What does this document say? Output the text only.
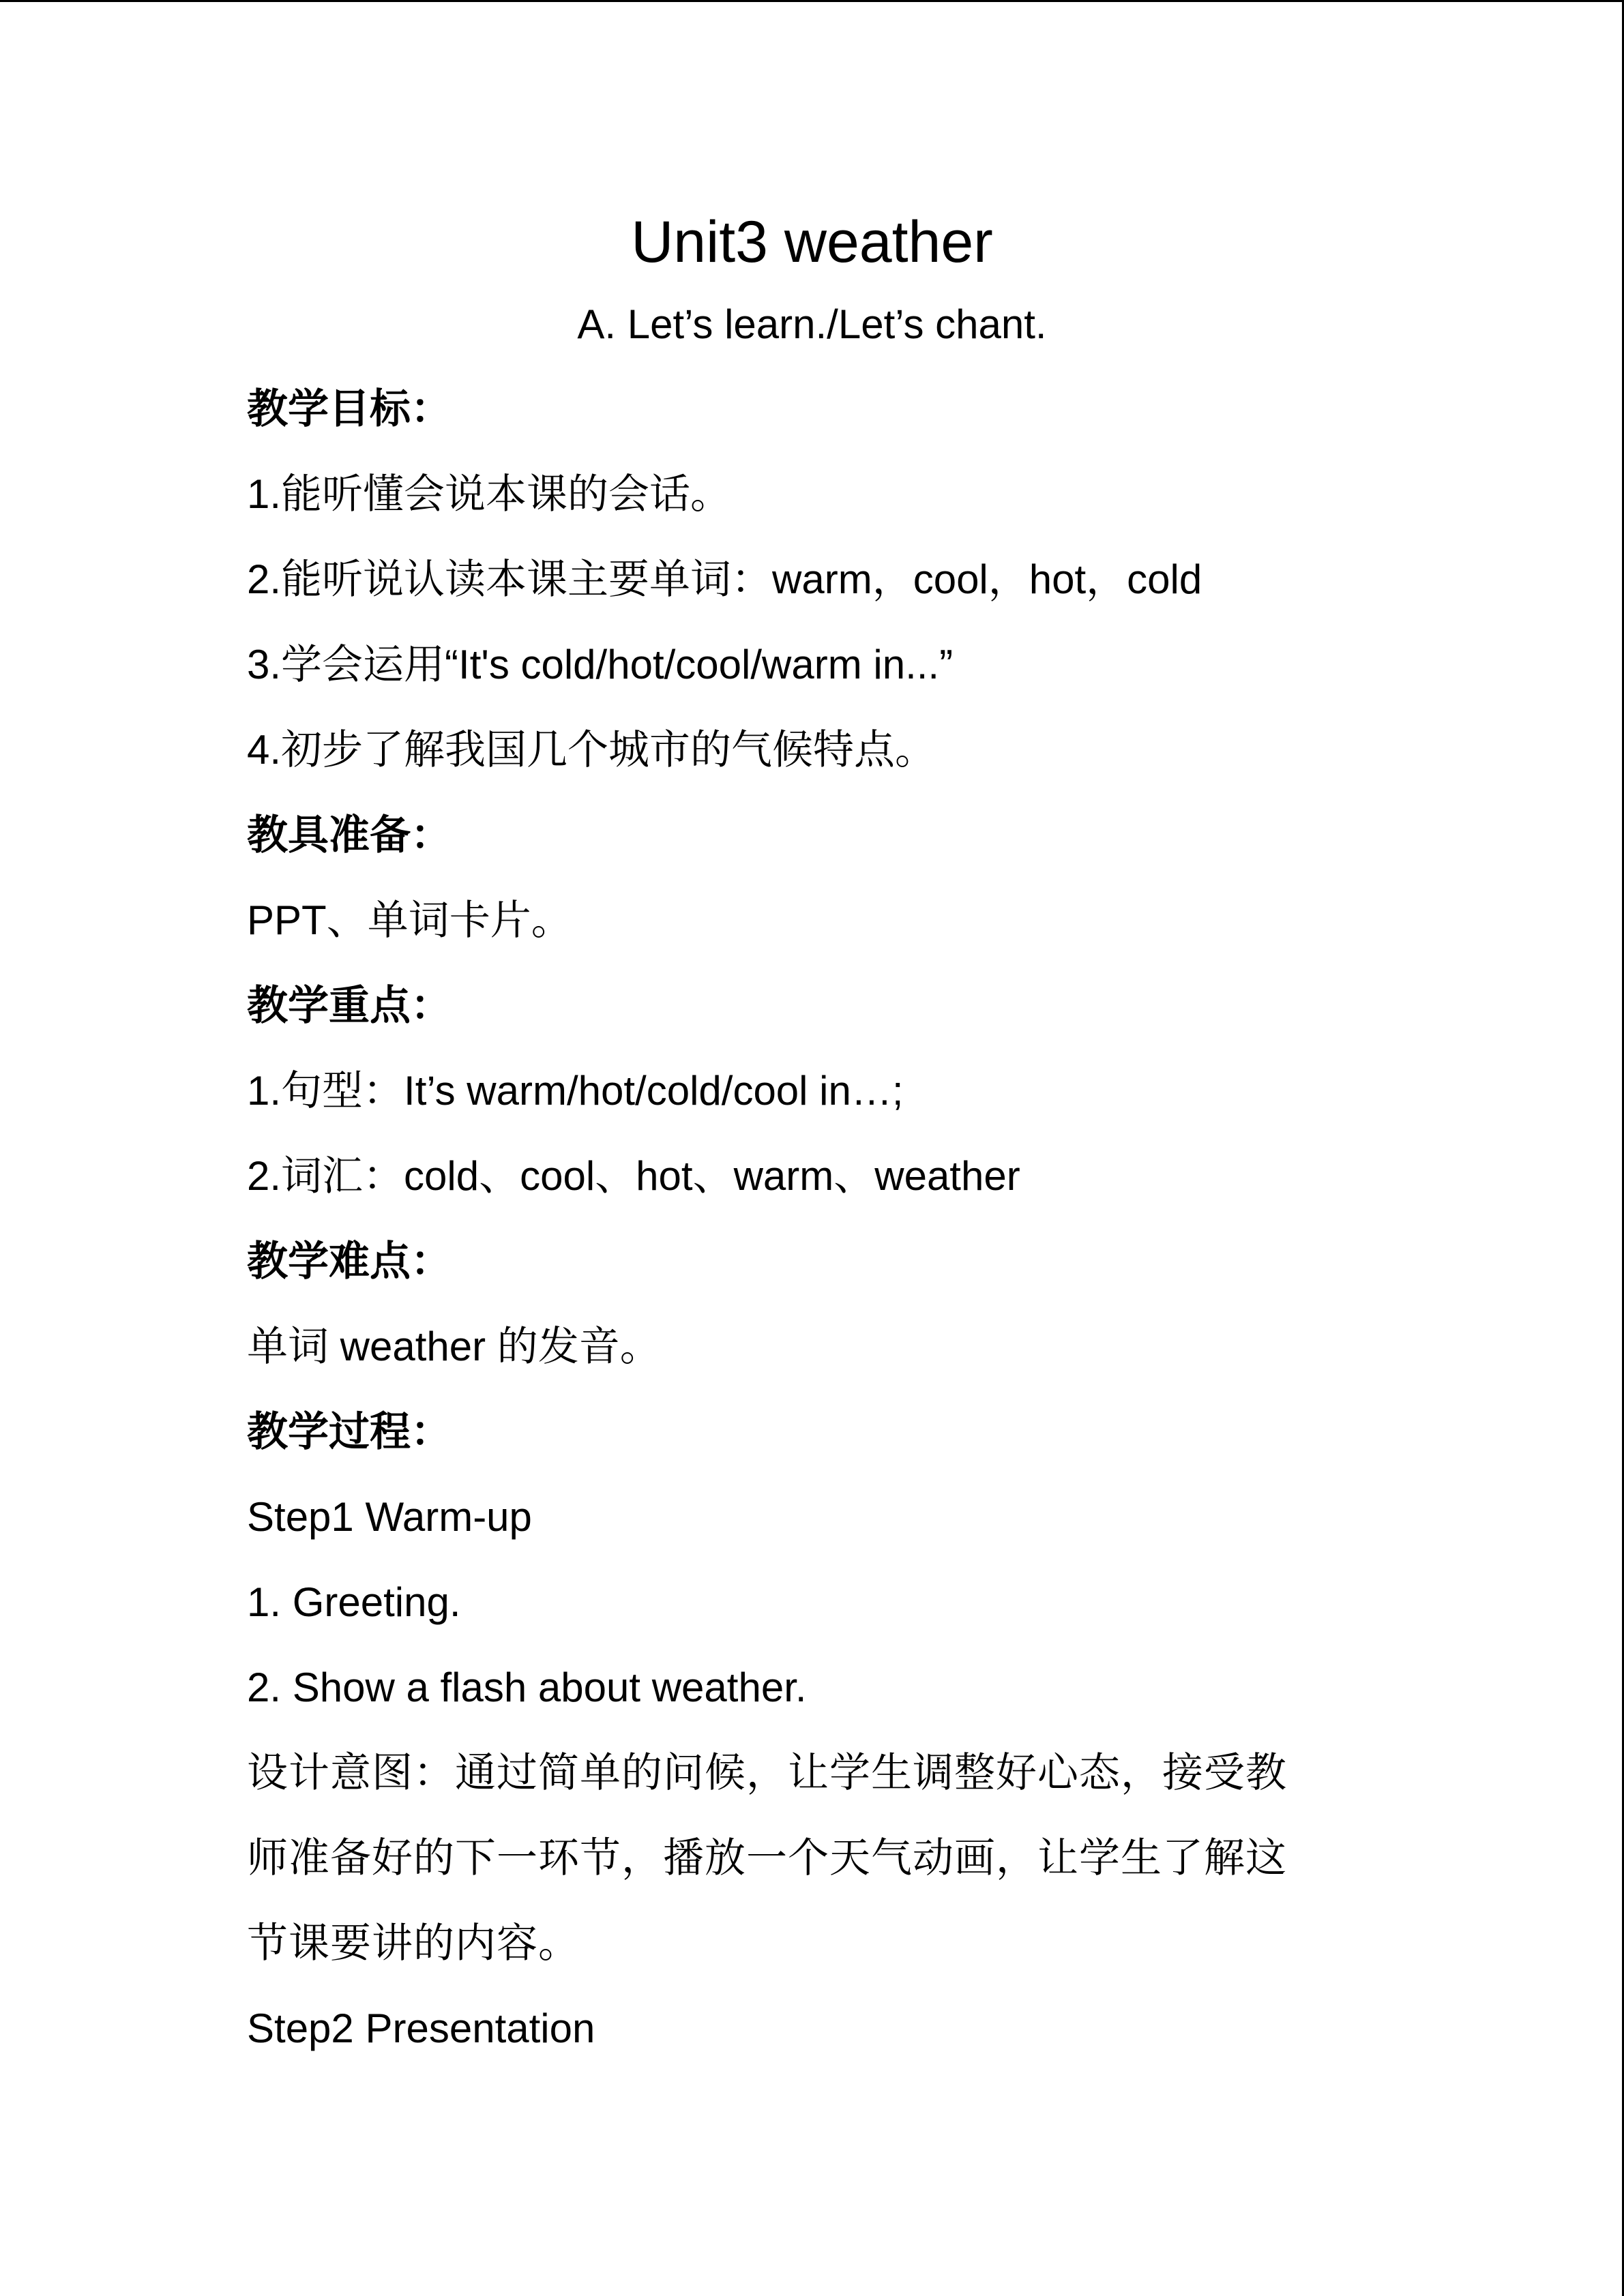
Unit3 weather
A. Let’s learn./Let’s chant.
教学目标：
1.能听懂会说本课的会话。
2.能听说认读本课主要单词：warm，cool，hot，cold
3.学会运用“It's cold/hot/cool/warm in...”
4.初步了解我国几个城市的气候特点。
教具准备：
PPT、单词卡片。
教学重点：
1.句型：It’s warm/hot/cold/cool in…;
2.词汇：cold、cool、hot、warm、weather
教学难点：
单词 weather 的发音。
教学过程：
Step1 Warm-up
1. Greeting.
2. Show a flash about weather.
设计意图：通过简单的问候，让学生调整好心态，接受教
师准备好的下一环节，播放一个天气动画，让学生了解这
节课要讲的内容。
Step2 Presentation
